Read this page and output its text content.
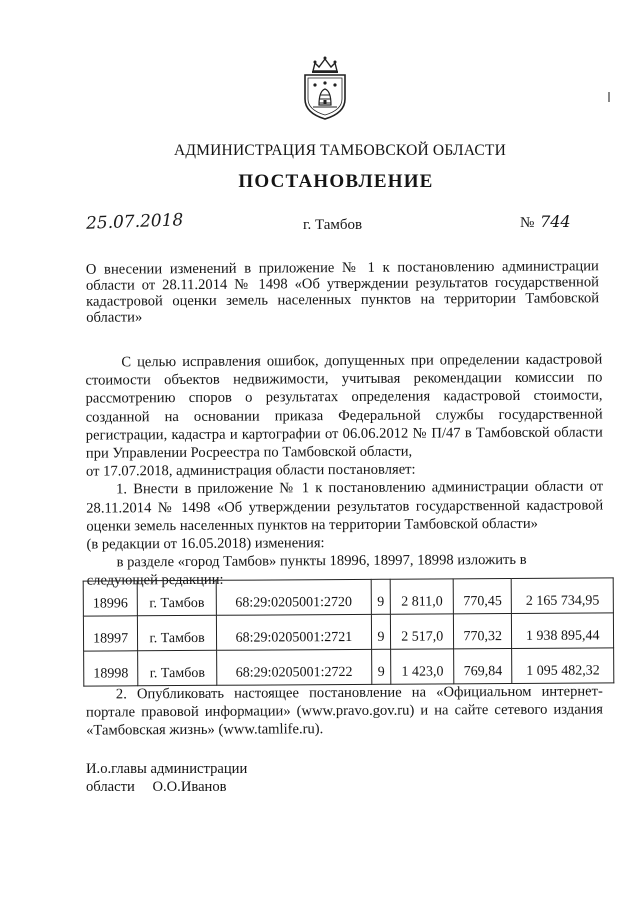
АДМИНИСТРАЦИЯ ТАМБОВСКОЙ ОБЛАСТИ
ПОСТАНОВЛЕНИЕ
25.07.2018	г. Тамбов	№ 744
О внесении изменений в приложение № 1 к постановлению администрации области от 28.11.2014 № 1498 «Об утверждении результатов государственной кадастровой оценки земель населенных пунктов на территории Тамбовской области»

С целью исправления ошибок, допущенных при определении кадастровой стоимости объектов недвижимости, учитывая рекомендации комиссии по рассмотрению споров о результатах определения кадастровой стоимости, созданной на основании приказа Федеральной службы государственной регистрации, кадастра и картографии от 06.06.2012 № П/47 в Тамбовской области при Управлении Росреестра по Тамбовской области,

от 17.07.2018, администрация области постановляет:

1. Внести в приложение № 1 к постановлению администрации области от 28.11.2014 № 1498 «Об утверждении результатов государственной кадастровой оценки земель населенных пунктов на территории Тамбовской области»

(в редакции от 16.05.2018) изменения:

в разделе «город Тамбов» пункты 18996, 18997, 18998 изложить в

следующей редакции:

18996	г. Тамбов	68:29:0205001:2720	9	2 811,0	770,45	2 165 734,95
18997	г. Тамбов	68:29:0205001:2721	9	2 517,0	770,32	1 938 895,44
18998	г. Тамбов	68:29:0205001:2722	9	1 423,0	769,84	1 095 482,32

2. Опубликовать настоящее постановление на «Официальном интернет-портале правовой информации» (www.pravo.gov.ru) и на сайте сетевого издания «Тамбовская жизнь» (www.tamlife.ru).

И.о.главы администрации
области О.О.Иванов
